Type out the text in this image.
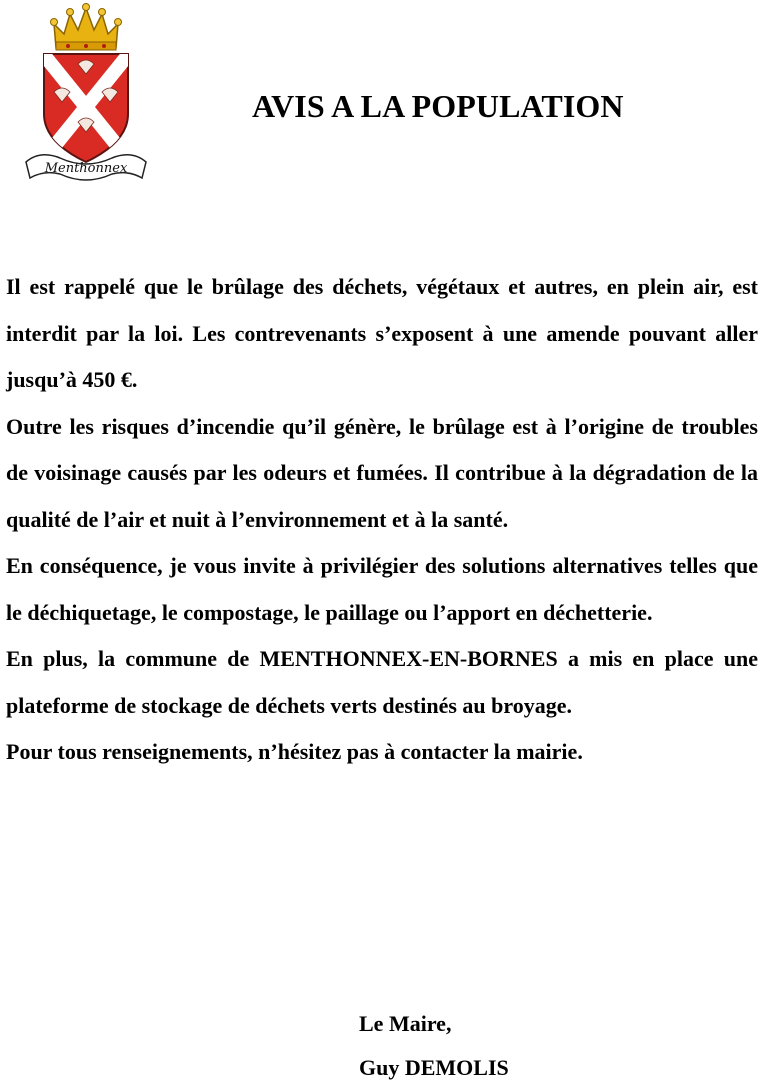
Menthonnex
AVIS A LA POPULATION

Il est rappelé que le brûlage des déchets, végétaux et autres, en plein air, est interdit par la loi. Les contrevenants s’exposent à une amende pouvant aller jusqu’à 450 €.

Outre les risques d’incendie qu’il génère, le brûlage est à l’origine de troubles de voisinage causés par les odeurs et fumées. Il contribue à la dégradation de la qualité de l’air et nuit à l’environnement et à la santé.

En conséquence, je vous invite à privilégier des solutions alternatives telles que le déchiquetage, le compostage, le paillage ou l’apport en déchetterie.

En plus, la commune de MENTHONNEX-EN-BORNES a mis en place une plateforme de stockage de déchets verts destinés au broyage.

Pour tous renseignements, n’hésitez pas à contacter la mairie.

Le Maire,
Guy DEMOLIS
